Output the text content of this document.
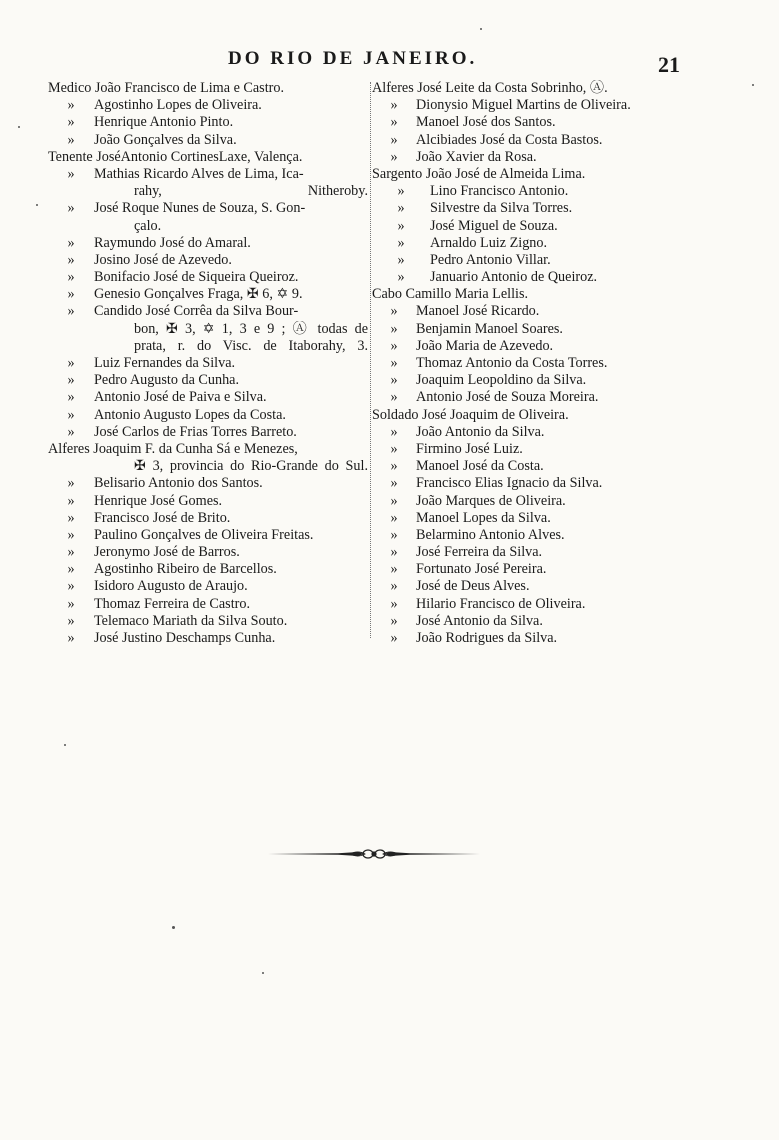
DO RIO DE JANEIRO.	21
Medico João Francisco de Lima e Castro.
»	Agostinho Lopes de Oliveira.
»	Henrique Antonio Pinto.
»	João Gonçalves da Silva.
Tenente JoséAntonio CortinesLaxe, Valença.
»	Mathias Ricardo Alves de Lima, Ica-
rahy, Nitheroby.
»	José Roque Nunes de Souza, S. Gon-
çalo.
»	Raymundo José do Amaral.
»	Josino José de Azevedo.
»	Bonifacio José de Siqueira Queiroz.
»	Genesio Gonçalves Fraga, ✠ 6, ✡ 9.
»	Candido José Corrêa da Silva Bour-
bon, ✠ 3, ✡ 1, 3 e 9 ; Ⓐ todas de
prata, r. do Visc. de Itaborahy, 3.
»	Luiz Fernandes da Silva.
»	Pedro Augusto da Cunha.
»	Antonio José de Paiva e Silva.
»	Antonio Augusto Lopes da Costa.
»	José Carlos de Frias Torres Barreto.
Alferes Joaquim F. da Cunha Sá e Menezes,
✠ 3, provincia do Rio-Grande do Sul.
»	Belisario Antonio dos Santos.
»	Henrique José Gomes.
»	Francisco José de Brito.
»	Paulino Gonçalves de Oliveira Freitas.
»	Jeronymo José de Barros.
»	Agostinho Ribeiro de Barcellos.
»	Isidoro Augusto de Araujo.
»	Thomaz Ferreira de Castro.
»	Telemaco Mariath da Silva Souto.
»	José Justino Deschamps Cunha.
Alferes José Leite da Costa Sobrinho, Ⓐ.
»	Dionysio Miguel Martins de Oliveira.
»	Manoel José dos Santos.
»	Alcibiades José da Costa Bastos.
»	João Xavier da Rosa.
Sargento João José de Almeida Lima.
»	Lino Francisco Antonio.
»	Silvestre da Silva Torres.
»	José Miguel de Souza.
»	Arnaldo Luiz Zigno.
»	Pedro Antonio Villar.
»	Januario Antonio de Queiroz.
Cabo Camillo Maria Lellis.
»	Manoel José Ricardo.
»	Benjamin Manoel Soares.
»	João Maria de Azevedo.
»	Thomaz Antonio da Costa Torres.
»	Joaquim Leopoldino da Silva.
»	Antonio José de Souza Moreira.
Soldado José Joaquim de Oliveira.
»	João Antonio da Silva.
»	Firmino José Luiz.
»	Manoel José da Costa.
»	Francisco Elias Ignacio da Silva.
»	João Marques de Oliveira.
»	Manoel Lopes da Silva.
»	Belarmino Antonio Alves.
»	José Ferreira da Silva.
»	Fortunato José Pereira.
»	José de Deus Alves.
»	Hilario Francisco de Oliveira.
»	José Antonio da Silva.
»	João Rodrigues da Silva.
